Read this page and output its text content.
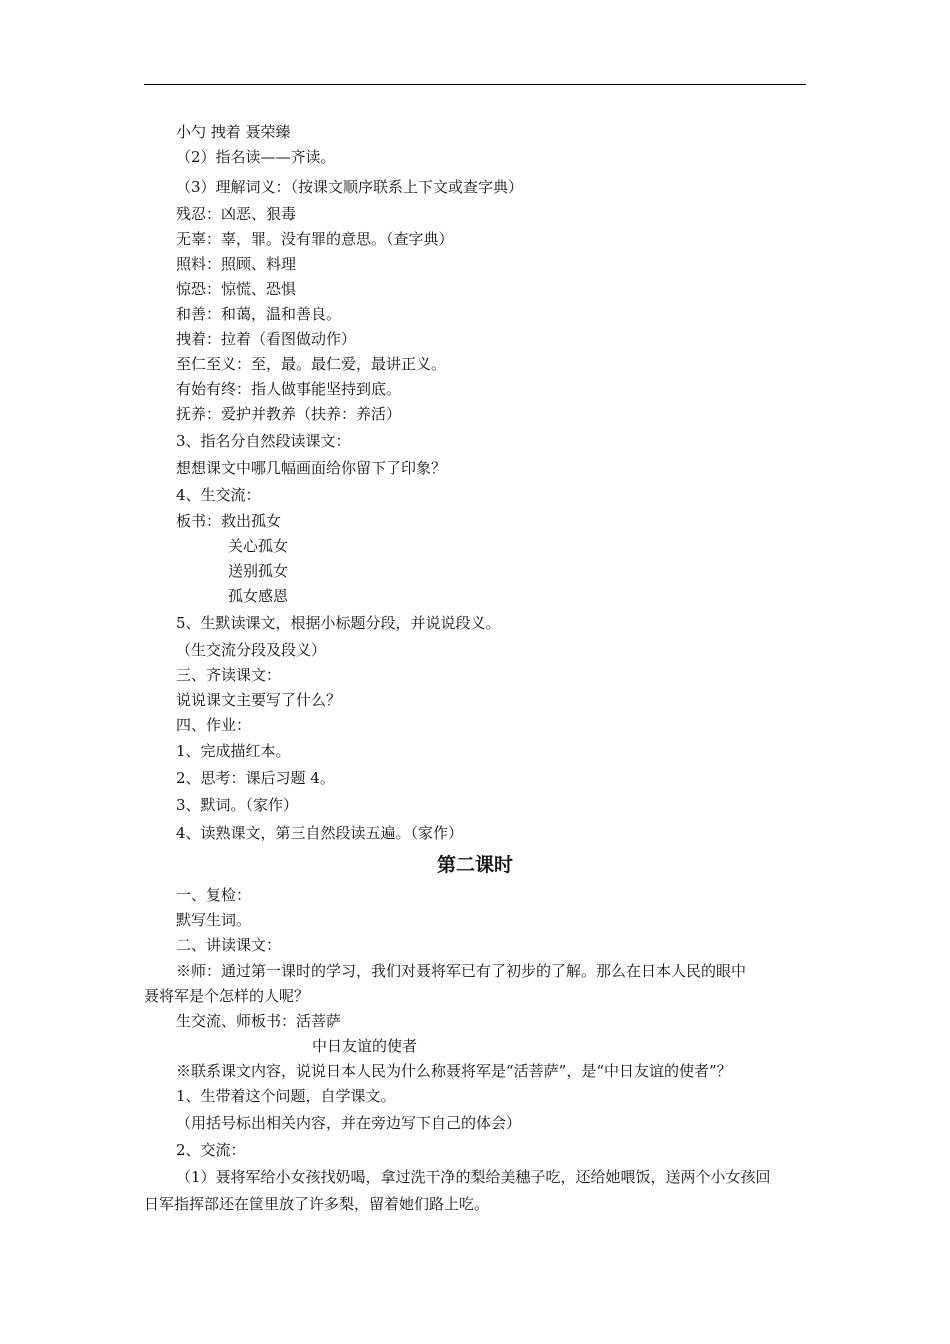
小勺 拽着 聂荣臻
（2）指名读——齐读。
（3）理解词义：（按课文顺序联系上下文或查字典）
残忍：凶恶、狠毒
无辜：辜，罪。没有罪的意思。（查字典）
照料：照顾、料理
惊恐：惊慌、恐惧
和善：和蔼，温和善良。
拽着：拉着（看图做动作）
至仁至义：至，最。最仁爱，最讲正义。
有始有终：指人做事能坚持到底。
抚养：爱护并教养（扶养：养活）
3、指名分自然段读课文：
想想课文中哪几幅画面给你留下了印象？
4、生交流：
板书：救出孤女
关心孤女
送别孤女
孤女感恩
5、生默读课文，根据小标题分段，并说说段义。
（生交流分段及段义）
三、齐读课文：
说说课文主要写了什么？
四、作业：
1、完成描红本。
2、思考：课后习题 4。
3、默词。（家作）
4、读熟课文，第三自然段读五遍。（家作）
第二课时
一、复检：
默写生词。
二、讲读课文：
※师：通过第一课时的学习，我们对聂将军已有了初步的了解。那么在日本人民的眼中
聂将军是个怎样的人呢？
生交流、师板书：活菩萨
中日友谊的使者
※联系课文内容，说说日本人民为什么称聂将军是“活菩萨”，是“中日友谊的使者”？
1、生带着这个问题，自学课文。
（用括号标出相关内容，并在旁边写下自己的体会）
2、交流：
（1）聂将军给小女孩找奶喝，拿过洗干净的梨给美穗子吃，还给她喂饭，送两个小女孩回
日军指挥部还在筐里放了许多梨，留着她们路上吃。
